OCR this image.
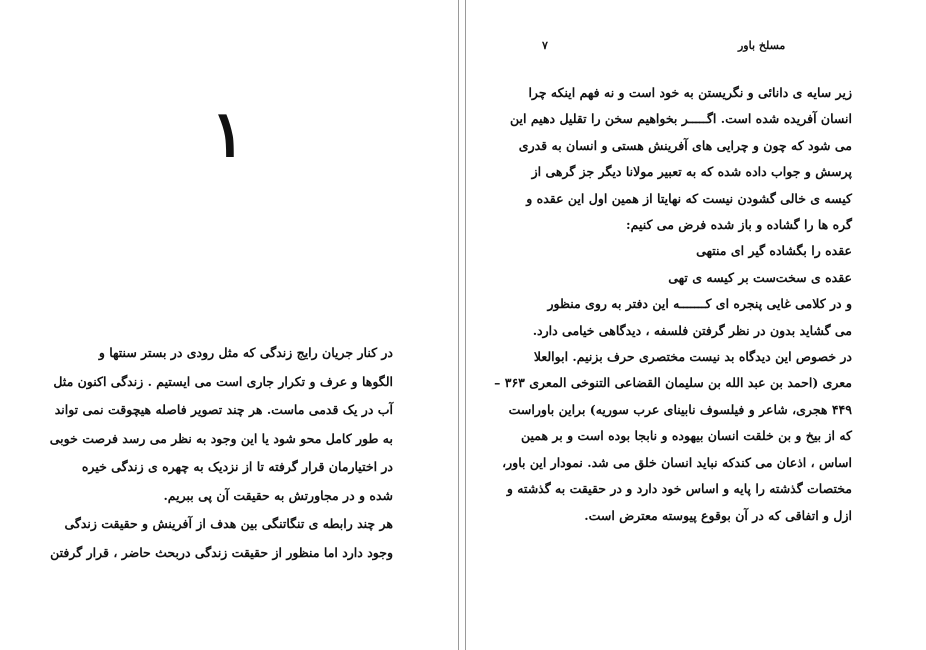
۱

در کنار جریان رایج زندگی که مثل رودی در بستر سنتها و

الگوها و عرف و تکرار جاری است می ایستیم . زندگی اکنون مثل

آب در یک قدمی ماست. هر چند تصویر فاصله هیچوقت نمی تواند

به طور کامل محو شود یا این وجود به نظر می رسد فرصت خوبی

در اختیارمان قرار گرفته تا از نزدیک به چهره ی زندگی خیره

شده و در مجاورتش به حقیقت آن پی ببریم.

هر چند رابطه ی تنگاتنگی بین هدف از آفرینش و حقیقت زندگی

وجود دارد اما منظور از حقیقت زندگی دربحث حاضر ، قرار گرفتن

۷	مسلخ باور

زیر سایه ی دانائی و نگریستن به خود است و نه فهم اینکه چرا

انسان آفریده شده است. اگـــــر بخواهیم سخن را تقلیل دهیم این

می شود که چون و چرایی های آفرینش هستی و انسان به قدری

پرسش و جواب داده شده که به تعبیر مولانا دیگر جز گرهی از

کیسه ی خالی گشودن نیست که نهایتا از همین اول این عقده و

گره ها را گشاده و باز شده فرض می کنیم:

عقده را بگشاده گیر ای منتهی

عقده ی سخت‌ست بر کیسه ی تهی

و در کلامی غایی پنجره ای کـــــــه این دفتر به روی منظور

می گشاید بدون در نظر گرفتن فلسفه ، دیدگاهی خیامی دارد.

در خصوص این دیدگاه بد نیست مختصری حرف بزنیم. ابوالعلا

معری (احمد بن عبد الله بن سلیمان القضاعی التنوخی المعری ۳۶۳ –

۴۴۹ هجری، شاعر و فیلسوف نابینای عرب سوریه) براین باوراست

که از بیخ و بن خلقت انسان بیهوده و نابجا بوده است و بر همین

اساس ، اذعان می کندکه نباید انسان خلق می شد. نمودار این باور،

مختصات گذشته را پایه و اساس خود دارد و در حقیقت به گذشته و

ازل و اتفاقی که در آن بوقوع پیوسته معترض است.
